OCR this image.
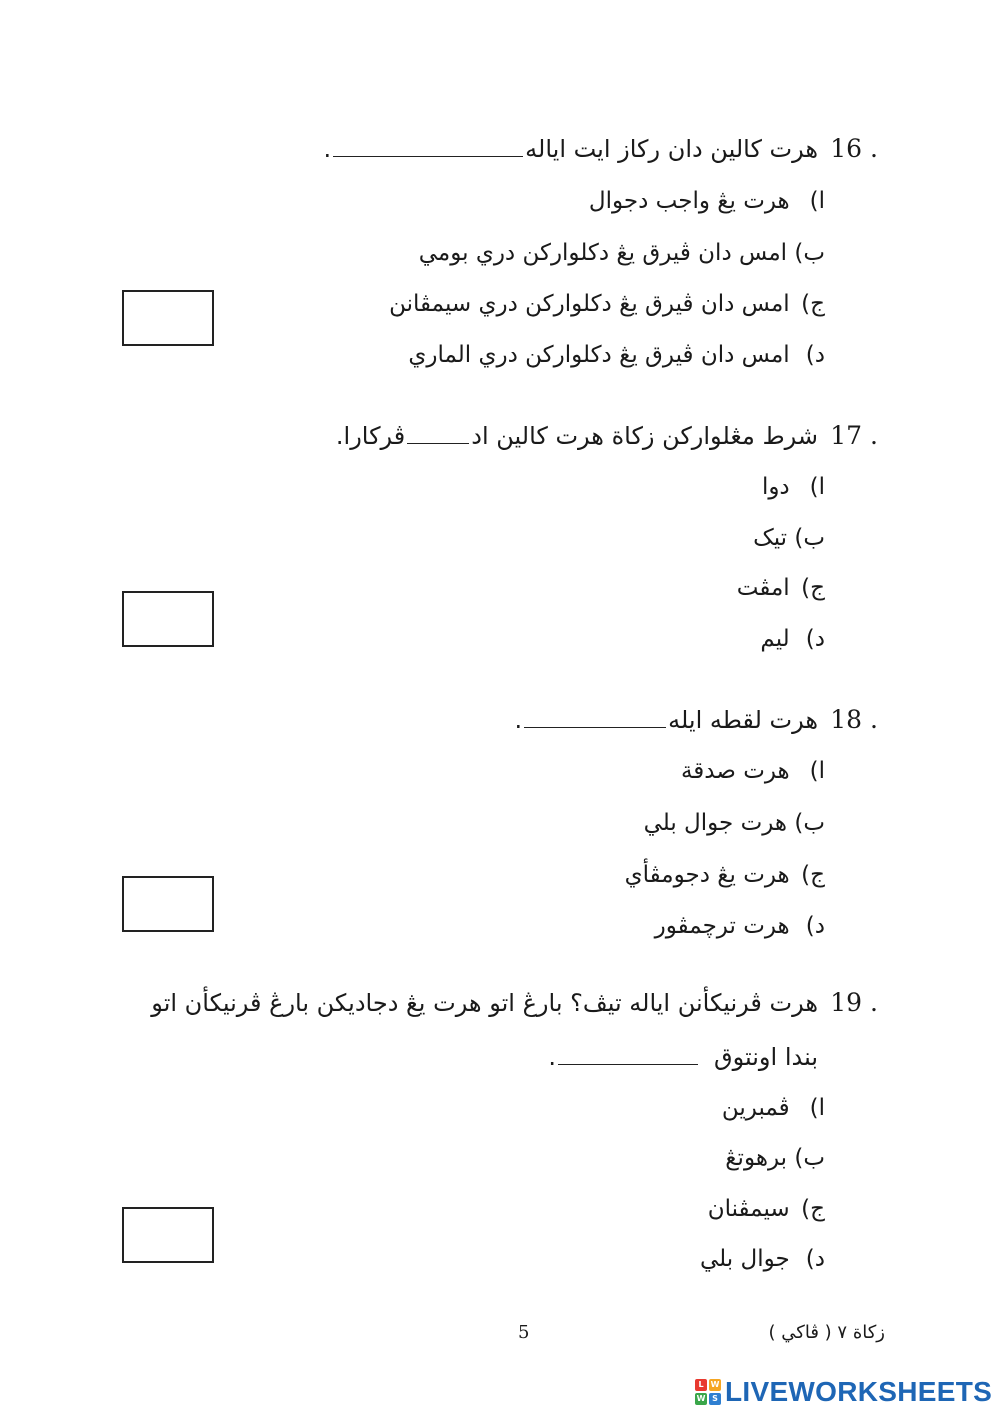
16 .
هرت كالين دان ركاز ايت اياله.
ا) هرت يڠ واجب دجوال
ب) امس دان ڤيرق يڠ دكلواركن دري بومي
ج) امس دان ڤيرق يڠ دكلواركن دري سيمڤانن
د) امس دان ڤيرق يڠ دكلواركن دري الماري
17 .
شرط مڠلواركن زكاة هرت كالين ادڤركارا.
ا) دوا
ب) تيک
ج) امڤت
د) ليم
18 .
هرت لقطه ايله.
ا) هرت صدقة
ب) هرت جوال بلي
ج) هرت يڠ دجومڤأي
د) هرت ترچمڤور
19 .
هرت ڤرنيكأنن اياله تيڤ؟ بارڠ اتو هرت يڠ دجاديکن بارڠ ڤرنيكأن اتو
بندا اونتوق.
ا) ڤمبرين
ب) برهوتڠ
ج) سيمڤنان
د) جوال بلي
زكاة ٧ ( ڤاكي )
5
L W
W S LIVEWORKSHEETS
